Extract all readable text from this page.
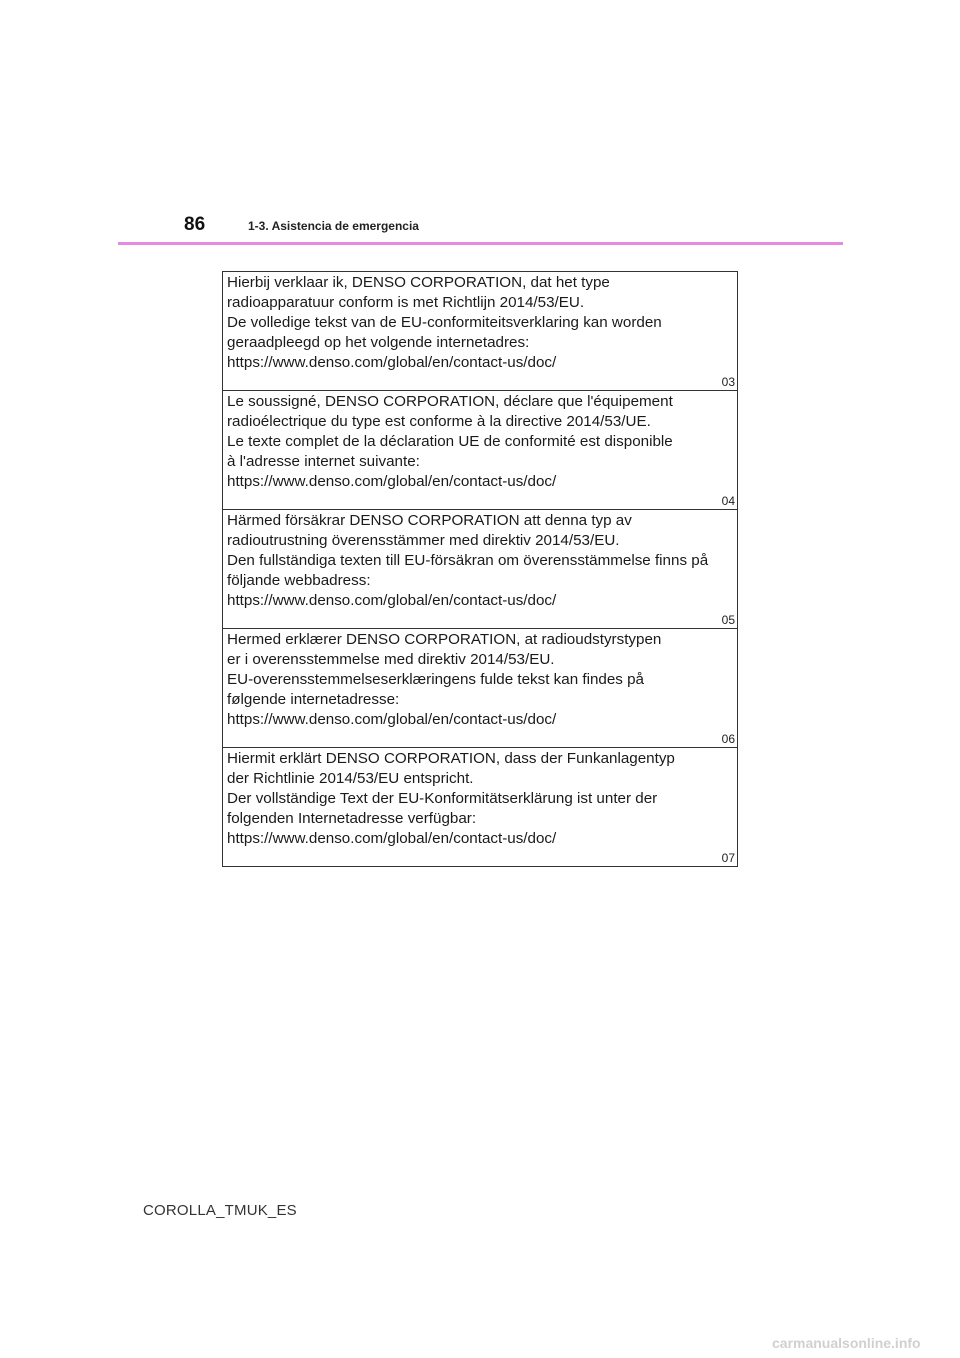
86	1-3. Asistencia de emergencia
Hierbij verklaar ik, DENSO CORPORATION, dat het type
radioapparatuur conform is met Richtlijn 2014/53/EU.
De volledige tekst van de EU-conformiteitsverklaring kan worden
geraadpleegd op het volgende internetadres:
https://www.denso.com/global/en/contact-us/doc/
03
Le soussigné, DENSO CORPORATION, déclare que l'équipement
radioélectrique du type est conforme à la directive 2014/53/UE.
Le texte complet de la déclaration UE de conformité est disponible
à l'adresse internet suivante:
https://www.denso.com/global/en/contact-us/doc/
04
Härmed försäkrar DENSO CORPORATION att denna typ av
radioutrustning överensstämmer med direktiv 2014/53/EU.
Den fullständiga texten till EU-försäkran om överensstämmelse finns på
följande webbadress:
https://www.denso.com/global/en/contact-us/doc/
05
Hermed erklærer DENSO CORPORATION, at radioudstyrstypen
er i overensstemmelse med direktiv 2014/53/EU.
EU-overensstemmelseserklæringens fulde tekst kan findes på
følgende internetadresse:
https://www.denso.com/global/en/contact-us/doc/
06
Hiermit erklärt DENSO CORPORATION, dass der Funkanlagentyp
der Richtlinie 2014/53/EU entspricht.
Der vollständige Text der EU-Konformitätserklärung ist unter der
folgenden Internetadresse verfügbar:
https://www.denso.com/global/en/contact-us/doc/
07
COROLLA_TMUK_ES
carmanualsonline.info
